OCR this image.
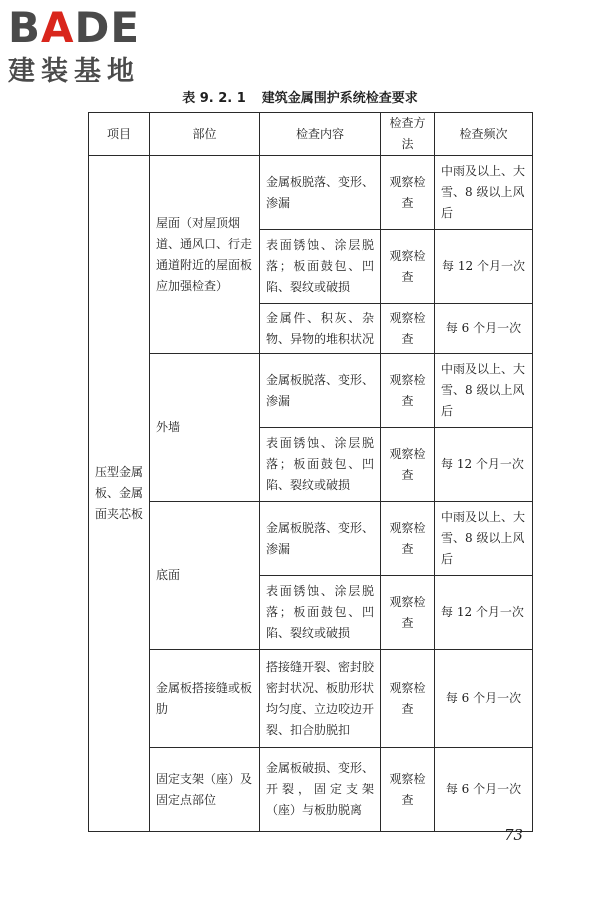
BADE
建装基地
表 9. 2. 1 建筑金属围护系统检查要求
项目	部位	检查内容	检查方法	检查频次
压型金属板、金属面夹芯板	屋面（对屋顶烟道、通风口、行走通道附近的屋面板应加强检查）	金属板脱落、变形、渗漏	观察检查	中雨及以上、大雪、8 级以上风后
		表面锈蚀、涂层脱落；板面鼓包、凹陷、裂纹或破损	观察检查	每 12 个月一次
		金属件、积灰、杂物、异物的堆积状况	观察检查	每 6 个月一次
	外墙	金属板脱落、变形、渗漏	观察检查	中雨及以上、大雪、8 级以上风后
		表面锈蚀、涂层脱落；板面鼓包、凹陷、裂纹或破损	观察检查	每 12 个月一次
	底面	金属板脱落、变形、渗漏	观察检查	中雨及以上、大雪、8 级以上风后
		表面锈蚀、涂层脱落；板面鼓包、凹陷、裂纹或破损	观察检查	每 12 个月一次
	金属板搭接缝或板肋	搭接缝开裂、密封胶密封状况、板肋形状均匀度、立边咬边开裂、扣合肋脱扣	观察检查	每 6 个月一次
	固定支架（座）及固定点部位	金属板破损、变形、开裂，固定支架（座）与板肋脱离	观察检查	每 6 个月一次
73
